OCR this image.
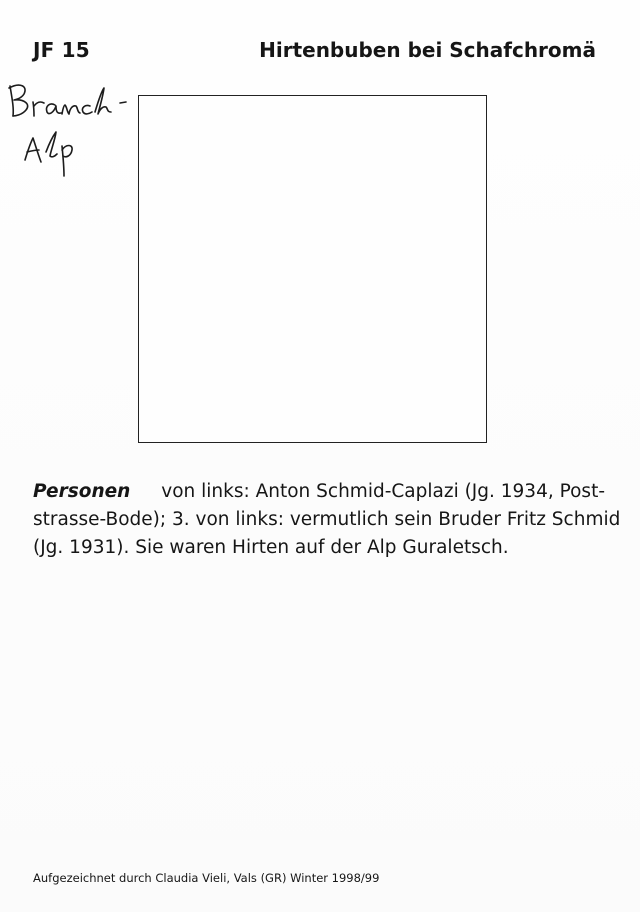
JF 15	Hirtenbuben bei Schafchromä
Personen von links: Anton Schmid-Caplazi (Jg. 1934, Post-
strasse-Bode); 3. von links: vermutlich sein Bruder Fritz Schmid
(Jg. 1931). Sie waren Hirten auf der Alp Guraletsch.
Aufgezeichnet durch Claudia Vieli, Vals (GR) Winter 1998/99
